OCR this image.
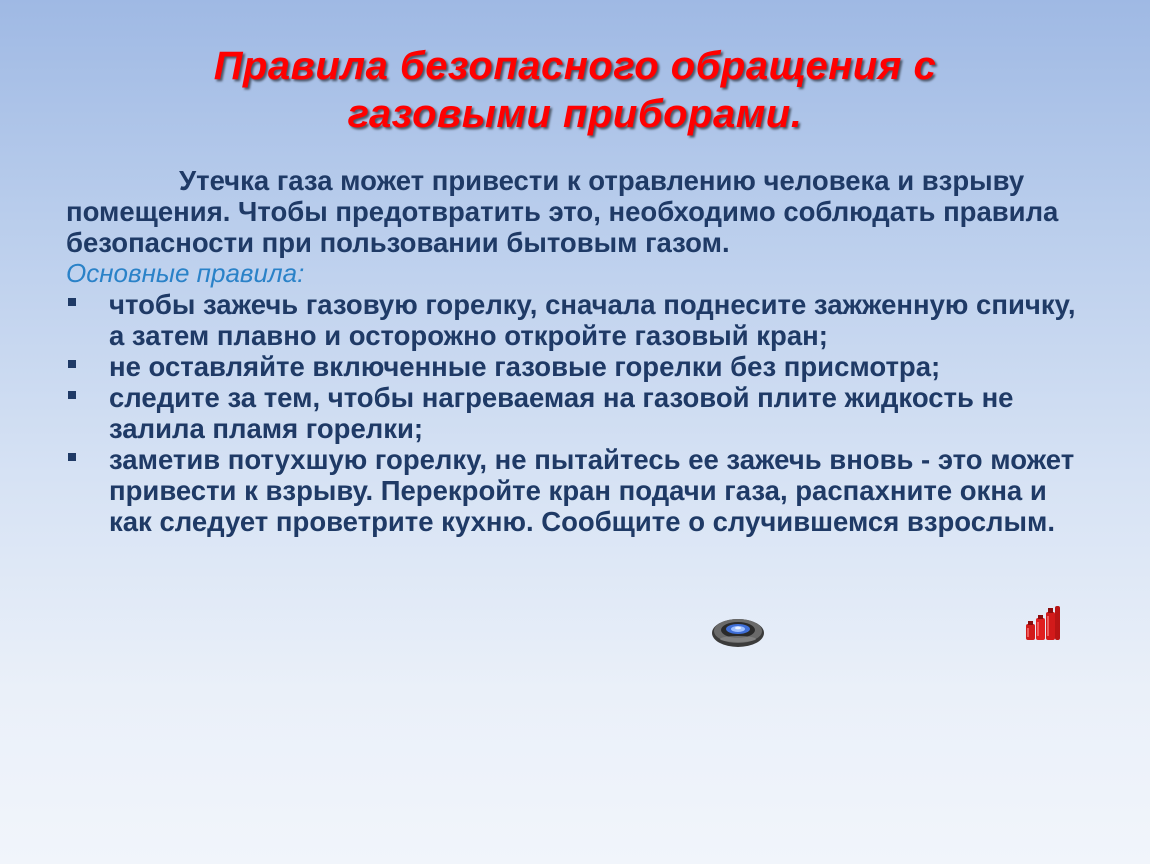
Правила безопасного обращения с
газовыми приборами.

Утечка газа может привести к отравлению человека и взрыву помещения. Чтобы предотвратить это, необходимо соблюдать правила безопасности при пользовании бытовым газом.

Основные правила:

чтобы зажечь газовую горелку, сначала поднесите зажженную спичку, а затем плавно и осторожно откройте газовый кран;
не оставляйте включенные газовые горелки без присмотра;
следите за тем, чтобы нагреваемая на газовой плите жидкость не залила пламя горелки;
заметив потухшую горелку, не пытайтесь ее зажечь вновь - это может привести к взрыву. Перекройте кран подачи газа, распахните окна и как следует проветрите кухню. Сообщите о случившемся взрослым.
